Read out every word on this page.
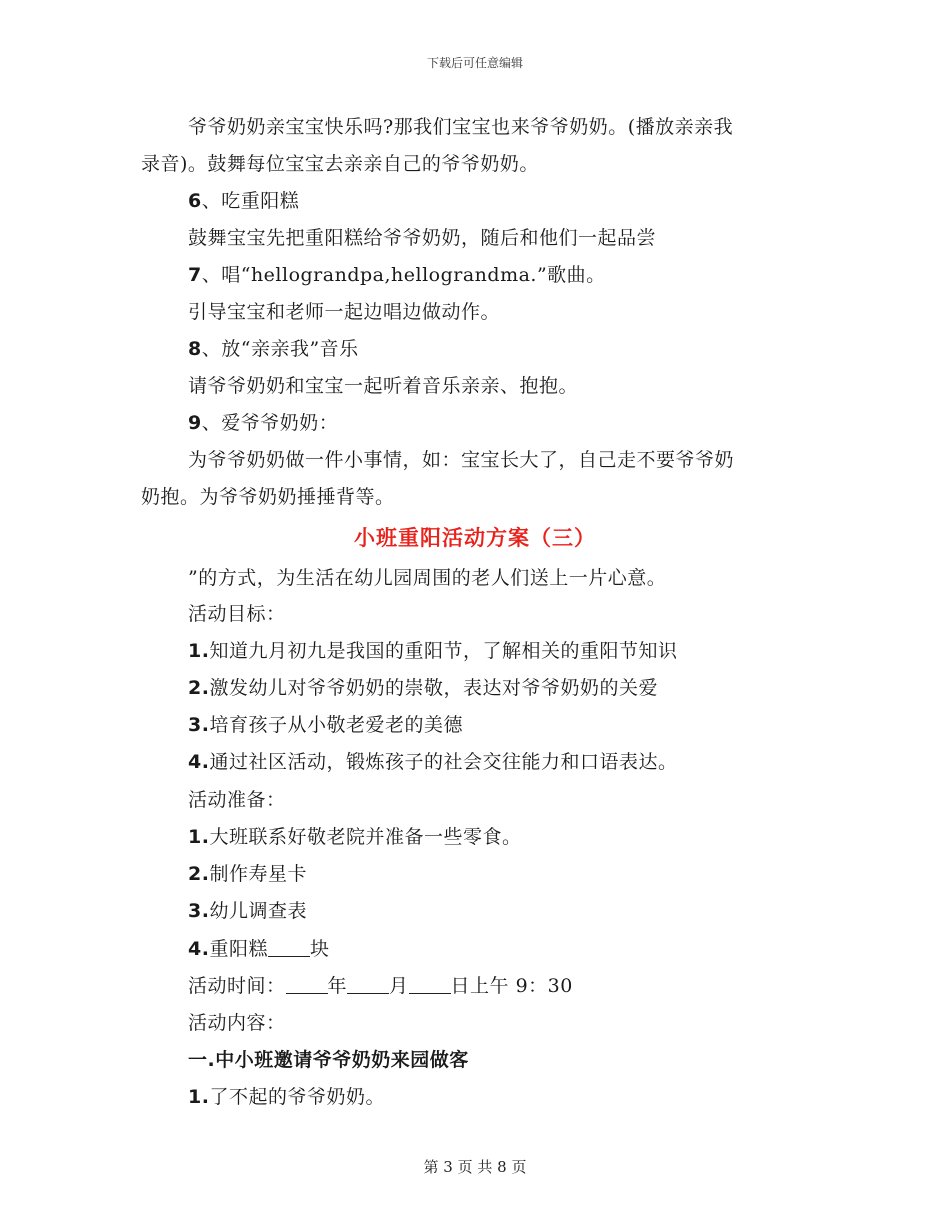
下载后可任意编辑
爷爷奶奶亲宝宝快乐吗?那我们宝宝也来爷爷奶奶。(播放亲亲我
录音)。鼓舞每位宝宝去亲亲自己的爷爷奶奶。
6、吃重阳糕
鼓舞宝宝先把重阳糕给爷爷奶奶，随后和他们一起品尝
7、唱“hellograndpa,hellograndma.”歌曲。
引导宝宝和老师一起边唱边做动作。
8、放“亲亲我”音乐
请爷爷奶奶和宝宝一起听着音乐亲亲、抱抱。
9、爱爷爷奶奶：
为爷爷奶奶做一件小事情，如：宝宝长大了，自己走不要爷爷奶
奶抱。为爷爷奶奶捶捶背等。
小班重阳活动方案（三）
”的方式，为生活在幼儿园周围的老人们送上一片心意。
活动目标：
1.知道九月初九是我国的重阳节，了解相关的重阳节知识
2.激发幼儿对爷爷奶奶的崇敬，表达对爷爷奶奶的关爱
3.培育孩子从小敬老爱老的美德
4.通过社区活动，锻炼孩子的社会交往能力和口语表达。
活动准备：
1.大班联系好敬老院并准备一些零食。
2.制作寿星卡
3.幼儿调查表
4.重阳糕 块
活动时间： 年 月 日上午 9：30
活动内容：
一.中小班邀请爷爷奶奶来园做客
1.了不起的爷爷奶奶。
第 3 页 共 8 页
